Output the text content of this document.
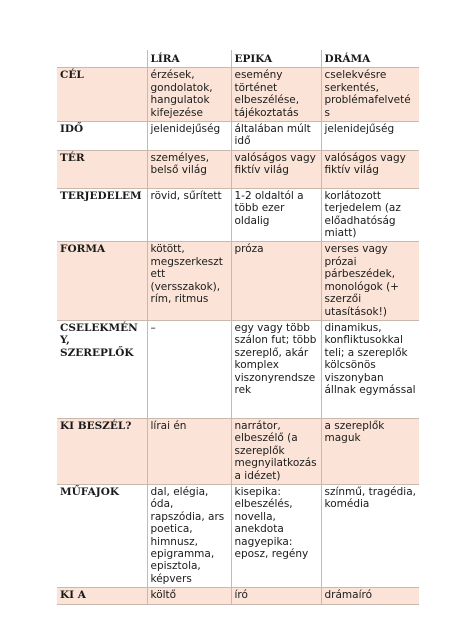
	LÍRA	EPIKA	DRÁMA
CÉL	érzések, gondolatok, hangulatok kifejezése	esemény történet elbeszélése, tájékoztatás	cselekvésre serkentés, problémafelvetés
IDŐ	jelenidejűség	általában múlt idő	jelenidejűség
TÉR	személyes, belső világ	valóságos vagy fiktív világ	valóságos vagy fiktív világ
TERJEDELEM	rövid, sűrített	1-2 oldaltól a több ezer oldalig	korlátozott terjedelem (az előadhatóság miatt)
FORMA	kötött, megszerkesztett (versszakok), rím, ritmus	próza	verses vagy prózai párbeszédek, monológok (+ szerzői utasítások!)
CSELEKMÉNY, SZEREPLŐK	–	egy vagy több szálon fut; több szereplő, akár komplex viszonyrendszerek	dinamikus, konfliktusokkal teli; a szereplők kölcsönös viszonyban állnak egymással
KI BESZÉL?	lírai én	narrátor, elbeszélő (a szereplők megnyilatkozása idézet)	a szereplők maguk
MŰFAJOK	dal, elégia, óda, rapszódia, ars poetica, himnusz, epigramma, episztola, képvers	kisepika: elbeszélés, novella, anekdota nagyepika: eposz, regény	színmű, tragédia, komédia
KI A	költő	író	drámaíró
